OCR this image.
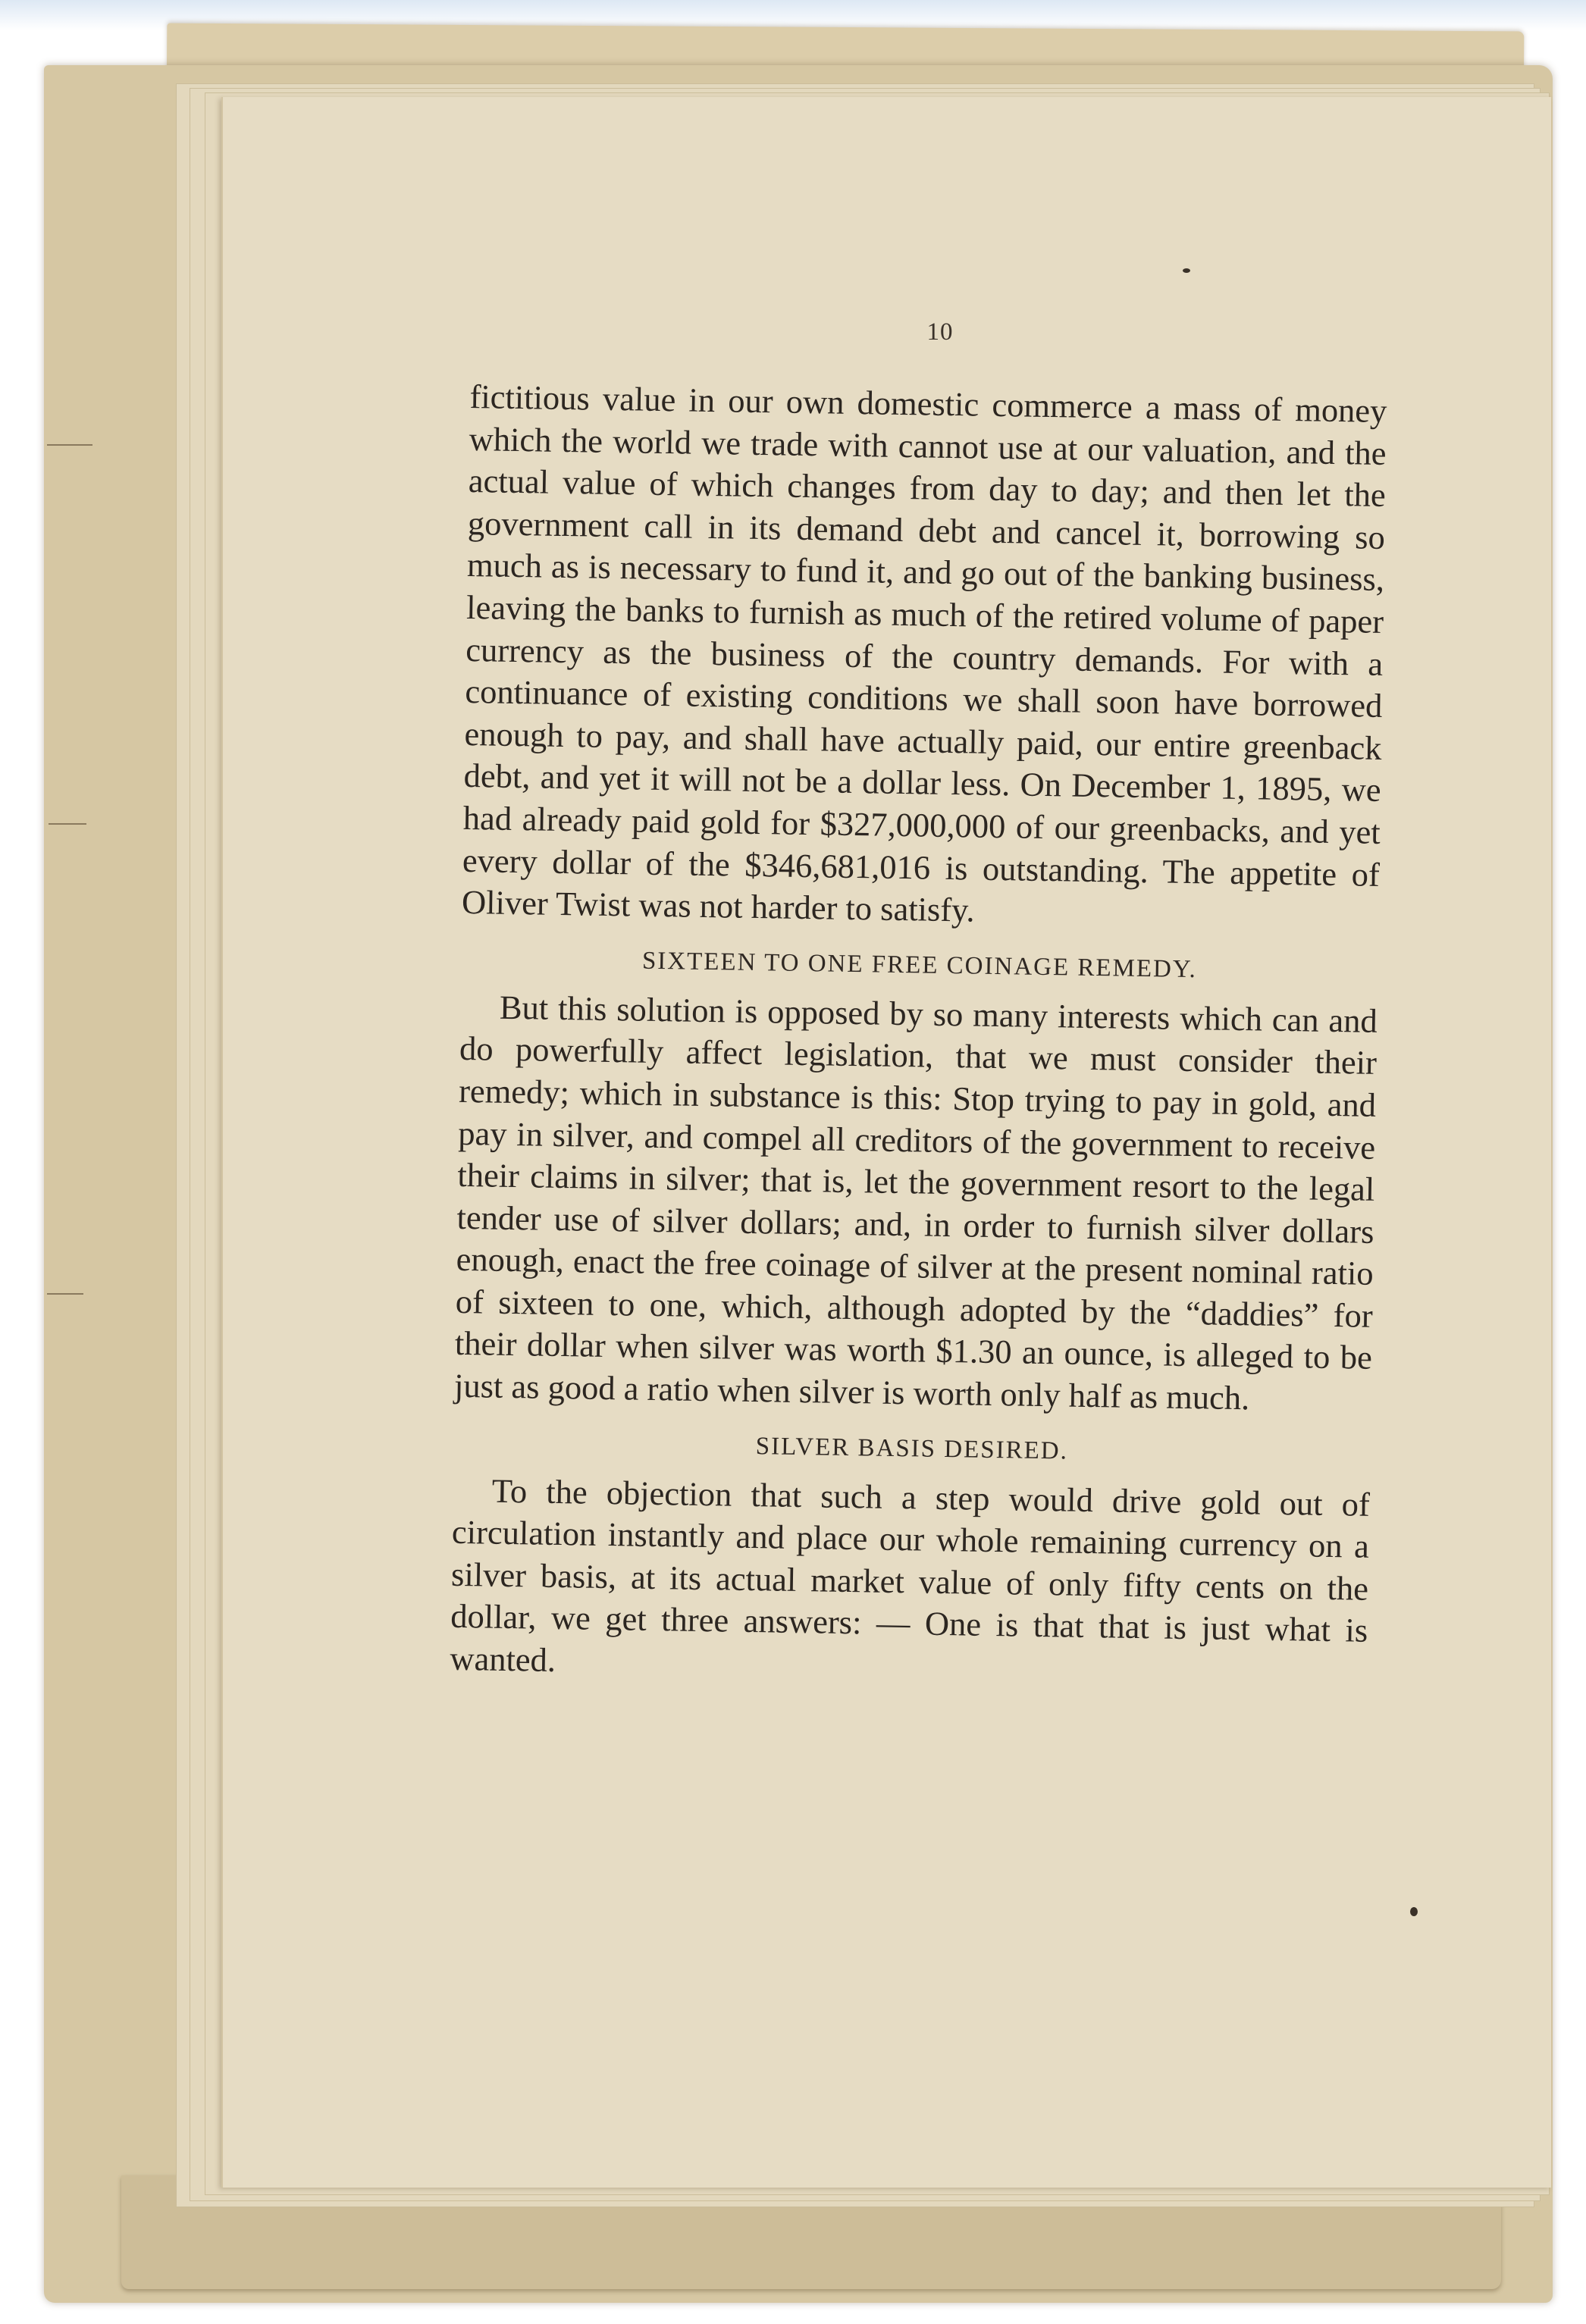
10

fictitious value in our own domestic commerce a mass of money which the world we trade with cannot use at our valuation, and the actual value of which changes from day to day; and then let the government call in its demand debt and cancel it, borrowing so much as is necessary to fund it, and go out of the banking business, leaving the banks to furnish as much of the retired volume of paper currency as the business of the country demands. For with a continuance of existing conditions we shall soon have borrowed enough to pay, and shall have actually paid, our entire greenback debt, and yet it will not be a dollar less. On December 1, 1895, we had already paid gold for $327,000,000 of our greenbacks, and yet every dollar of the $346,681,016 is outstanding. The appetite of Oliver Twist was not harder to satisfy.

SIXTEEN TO ONE FREE COINAGE REMEDY.

But this solution is opposed by so many interests which can and do powerfully affect legislation, that we must consider their remedy; which in substance is this: Stop trying to pay in gold, and pay in silver, and compel all creditors of the government to receive their claims in silver; that is, let the government resort to the legal tender use of silver dollars; and, in order to furnish silver dollars enough, enact the free coinage of silver at the present nominal ratio of sixteen to one, which, although adopted by the “daddies” for their dollar when silver was worth $1.30 an ounce, is alleged to be just as good a ratio when silver is worth only half as much.

SILVER BASIS DESIRED.

To the objection that such a step would drive gold out of circulation instantly and place our whole remaining currency on a silver basis, at its actual market value of only fifty cents on the dollar, we get three answers: — One is that that is just what is wanted.
